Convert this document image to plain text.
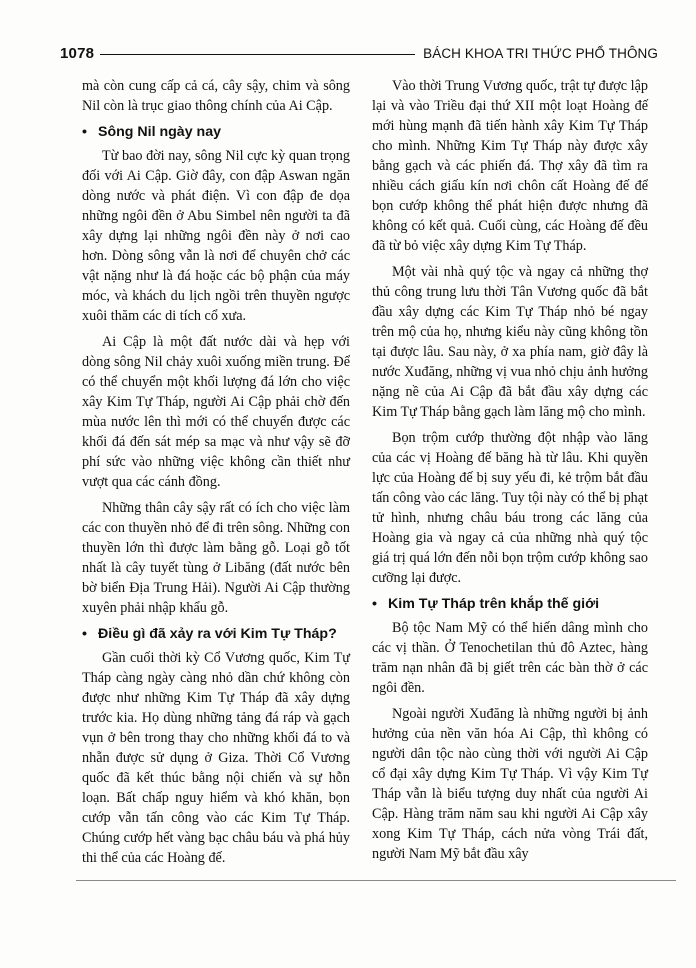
1078	BÁCH KHOA TRI THỨC PHỔ THÔNG

mà còn cung cấp cả cá, cây sậy, chim và sông Nil còn là trục giao thông chính của Ai Cập.

• Sông Nil ngày nay

Từ bao đời nay, sông Nil cực kỳ quan trọng đối với Ai Cập. Giờ đây, con đập Aswan ngăn dòng nước và phát điện. Vì con đập đe dọa những ngôi đền ở Abu Simbel nên người ta đã xây dựng lại những ngôi đền này ở nơi cao hơn. Dòng sông vẫn là nơi để chuyên chở các vật nặng như là đá hoặc các bộ phận của máy móc, và khách du lịch ngồi trên thuyền ngược xuôi thăm các di tích cổ xưa.

Ai Cập là một đất nước dài và hẹp với dòng sông Nil chảy xuôi xuống miền trung. Để có thể chuyển một khối lượng đá lớn cho việc xây Kim Tự Tháp, người Ai Cập phải chờ đến mùa nước lên thì mới có thể chuyển được các khối đá đến sát mép sa mạc và như vậy sẽ đỡ phí sức vào những việc không cần thiết như vượt qua các cánh đồng.

Những thân cây sậy rất có ích cho việc làm các con thuyền nhỏ để đi trên sông. Những con thuyền lớn thì được làm bằng gỗ. Loại gỗ tốt nhất là cây tuyết tùng ở Libăng (đất nước bên bờ biển Địa Trung Hải). Người Ai Cập thường xuyên phải nhập khẩu gỗ.

• Điều gì đã xảy ra với Kim Tự Tháp?

Gần cuối thời kỳ Cổ Vương quốc, Kim Tự Tháp càng ngày càng nhỏ dần chứ không còn được như những Kim Tự Tháp đã xây dựng trước kia. Họ dùng những tảng đá ráp và gạch vụn ở bên trong thay cho những khối đá to và nhẵn được sử dụng ở Giza. Thời Cổ Vương quốc đã kết thúc bằng nội chiến và sự hỗn loạn. Bất chấp nguy hiểm và khó khăn, bọn cướp vẫn tấn công vào các Kim Tự Tháp. Chúng cướp hết vàng bạc châu báu và phá hủy thi thể của các Hoàng đế.

Vào thời Trung Vương quốc, trật tự được lập lại và vào Triều đại thứ XII một loạt Hoàng đế mới hùng mạnh đã tiến hành xây Kim Tự Tháp cho mình. Những Kim Tự Tháp này được xây bằng gạch và các phiến đá. Thợ xây đã tìm ra nhiều cách giấu kín nơi chôn cất Hoàng đế để bọn cướp không thể phát hiện được nhưng đã không có kết quả. Cuối cùng, các Hoàng đế đều đã từ bỏ việc xây dựng Kim Tự Tháp.

Một vài nhà quý tộc và ngay cả những thợ thủ công trung lưu thời Tân Vương quốc đã bắt đầu xây dựng các Kim Tự Tháp nhỏ bé ngay trên mộ của họ, nhưng kiểu này cũng không tồn tại được lâu. Sau này, ở xa phía nam, giờ đây là nước Xuđăng, những vị vua nhỏ chịu ảnh hưởng nặng nề của Ai Cập đã bắt đầu xây dựng các Kim Tự Tháp bằng gạch làm lăng mộ cho mình.

Bọn trộm cướp thường đột nhập vào lăng của các vị Hoàng đế băng hà từ lâu. Khi quyền lực của Hoàng đế bị suy yếu đi, kẻ trộm bắt đầu tấn công vào các lăng. Tuy tội này có thể bị phạt tử hình, nhưng châu báu trong các lăng của Hoàng gia và ngay cả của những nhà quý tộc giá trị quá lớn đến nỗi bọn trộm cướp không sao cưỡng lại được.

• Kim Tự Tháp trên khắp thế giới

Bộ tộc Nam Mỹ có thể hiến dâng mình cho các vị thần. Ở Tenochetilan thủ đô Aztec, hàng trăm nạn nhân đã bị giết trên các bàn thờ ở các ngôi đền.

Ngoài người Xuđăng là những người bị ảnh hưởng của nền văn hóa Ai Cập, thì không có người dân tộc nào cùng thời với người Ai Cập cổ đại xây dựng Kim Tự Tháp. Vì vậy Kim Tự Tháp vẫn là biểu tượng duy nhất của người Ai Cập. Hàng trăm năm sau khi người Ai Cập xây xong Kim Tự Tháp, cách nửa vòng Trái đất, người Nam Mỹ bắt đầu xây
